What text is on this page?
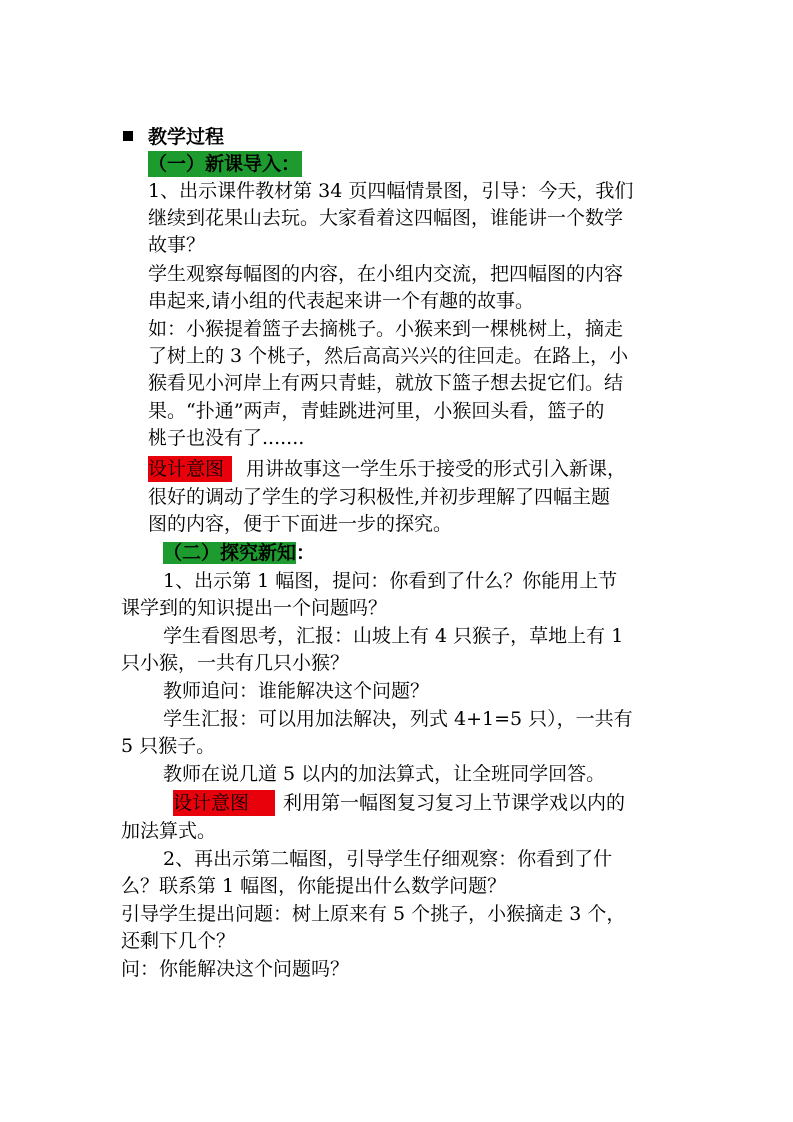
教学过程
（一）新课导入：
1、出示课件教材第 34 页四幅情景图，引导：今天，我们
继续到花果山去玩。大家看着这四幅图，谁能讲一个数学
故事？
学生观察每幅图的内容，在小组内交流，把四幅图的内容
串起来,请小组的代表起来讲一个有趣的故事。
如：小猴提着篮子去摘桃子。小猴来到一棵桃树上，摘走
了树上的 3 个桃子，然后高高兴兴的往回走。在路上，小
猴看见小河岸上有两只青蛙，就放下篮子想去捉它们。结
果。“扑通”两声，青蛙跳进河里，小猴回头看，篮子的
桃子也没有了.......
设计意图	用讲故事这一学生乐于接受的形式引入新课，
很好的调动了学生的学习积极性,并初步理解了四幅主题
图的内容，便于下面进一步的探究。
（二）探究新知：
1、出示第 1 幅图，提问：你看到了什么？你能用上节
课学到的知识提出一个问题吗？
学生看图思考，汇报：山坡上有 4 只猴子，草地上有 1
只小猴，一共有几只小猴？
教师追问：谁能解决这个问题？
学生汇报：可以用加法解决，列式 4+1=5 只），一共有
5 只猴子。
教师在说几道 5 以内的加法算式，让全班同学回答。
设计意图	利用第一幅图复习复习上节课学戏以内的
加法算式。
2、再出示第二幅图，引导学生仔细观察：你看到了什
么？联系第 1 幅图，你能提出什么数学问题？
引导学生提出问题：树上原来有 5 个挑子，小猴摘走 3 个，
还剩下几个？
问：你能解决这个问题吗？
